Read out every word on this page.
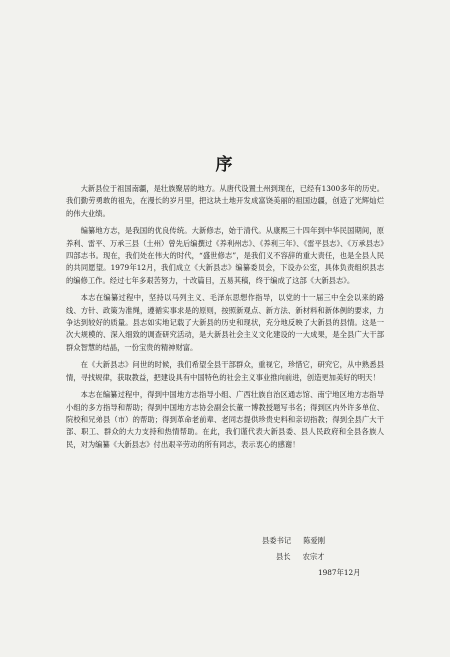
序

大新县位于祖国南疆，是壮族聚居的地方。从唐代设置土州到现在，已经有1300多年的历史。我们勤劳勇敢的祖先，在漫长的岁月里，把这块土地开发成富饶美丽的祖国边疆，创造了光辉灿烂的伟大业绩。

编纂地方志，是我国的优良传统。大新修志，始于清代。从康熙三十四年到中华民国期间，原养利、雷平、万承三县（土州）曾先后编撰过《养利州志》、《养利三年》、《雷平县志》、《万承县志》四部志书。现在，我们处在伟大的时代，“盛世修志”，是我们义不容辞的重大责任，也是全县人民的共同愿望。1979年12月，我们成立《大新县志》编纂委员会，下设办公室，具体负责组织县志的编修工作。经过七年多艰苦努力，十改篇目，五易其稿，终于编成了这部《大新县志》。

本志在编纂过程中，坚持以马列主义、毛泽东思想作指导，以党的十一届三中全会以来的路线、方针、政策为准绳，遵循实事求是的原则，按照新观点、新方法、新材料和新体例的要求，力争达到较好的质量。县志如实地记载了大新县的历史和现状，充分地反映了大新县的县情。这是一次大规模的、深入细致的调查研究活动，是大新县社会主义文化建设的一大成果，是全县广大干部群众智慧的结晶，一份宝贵的精神财富。

在《大新县志》问世的时候，我们希望全县干部群众，重视它，珍惜它，研究它，从中熟悉县情，寻找规律，获取教益，把建设具有中国特色的社会主义事业推向前进，创造更加美好的明天！

本志在编纂过程中，得到中国地方志指导小组、广西壮族自治区通志馆、南宁地区地方志指导小组的多方指导和帮助；得到中国地方志协会副会长董一博教授题写书名；得到区内外许多单位、院校和兄弟县（市）的帮助；得到革命老前辈、老同志提供珍贵史料和亲切指教；得到全县广大干部、职工、群众的大力支持和热情帮助。在此，我们谨代表大新县委、县人民政府和全县各族人民，对为编纂《大新县志》付出艰辛劳动的所有同志，表示衷心的感谢！

县委书记 陈爱刚
县长 农宗才
1987年12月
